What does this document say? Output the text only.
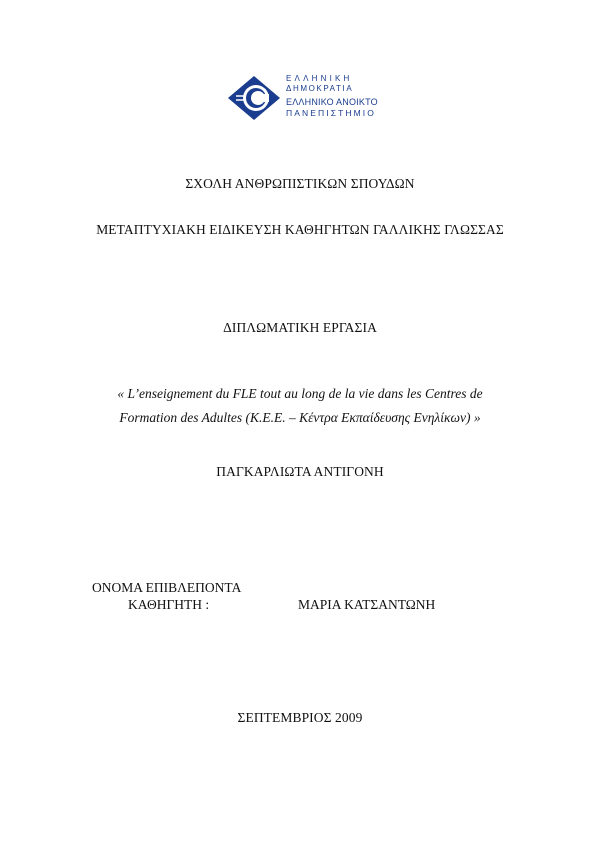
ΕΛΛΗΝΙΚΗ
ΔΗΜΟΚΡΑΤΙΑ
ΕΛΛΗΝΙΚΟ ΑΝΟΙΚΤΟ
ΠΑΝΕΠΙΣΤΗΜΙΟ
ΣΧΟΛΗ ΑΝΘΡΩΠΙΣΤΙΚΩΝ ΣΠΟΥΔΩΝ
ΜΕΤΑΠΤΥΧΙΑΚΗ ΕΙΔΙΚΕΥΣΗ ΚΑΘΗΓΗΤΩΝ ΓΑΛΛΙΚΗΣ ΓΛΩΣΣΑΣ
ΔΙΠΛΩΜΑΤΙΚΗ ΕΡΓΑΣΙΑ
« L’enseignement du FLE tout au long de la vie dans les Centres de
Formation des Adultes (K.E.E. – Κέντρα Εκπαίδευσης Ενηλίκων) »
ΠΑΓΚΑΡΛΙΩΤΑ ΑΝΤΙΓΟΝΗ
ΟΝΟΜΑ ΕΠΙΒΛΕΠΟΝΤΑ
ΚΑΘΗΓΗΤΗ :	ΜΑΡΙΑ ΚΑΤΣΑΝΤΩΝΗ
ΣΕΠΤΕΜΒΡΙΟΣ 2009
